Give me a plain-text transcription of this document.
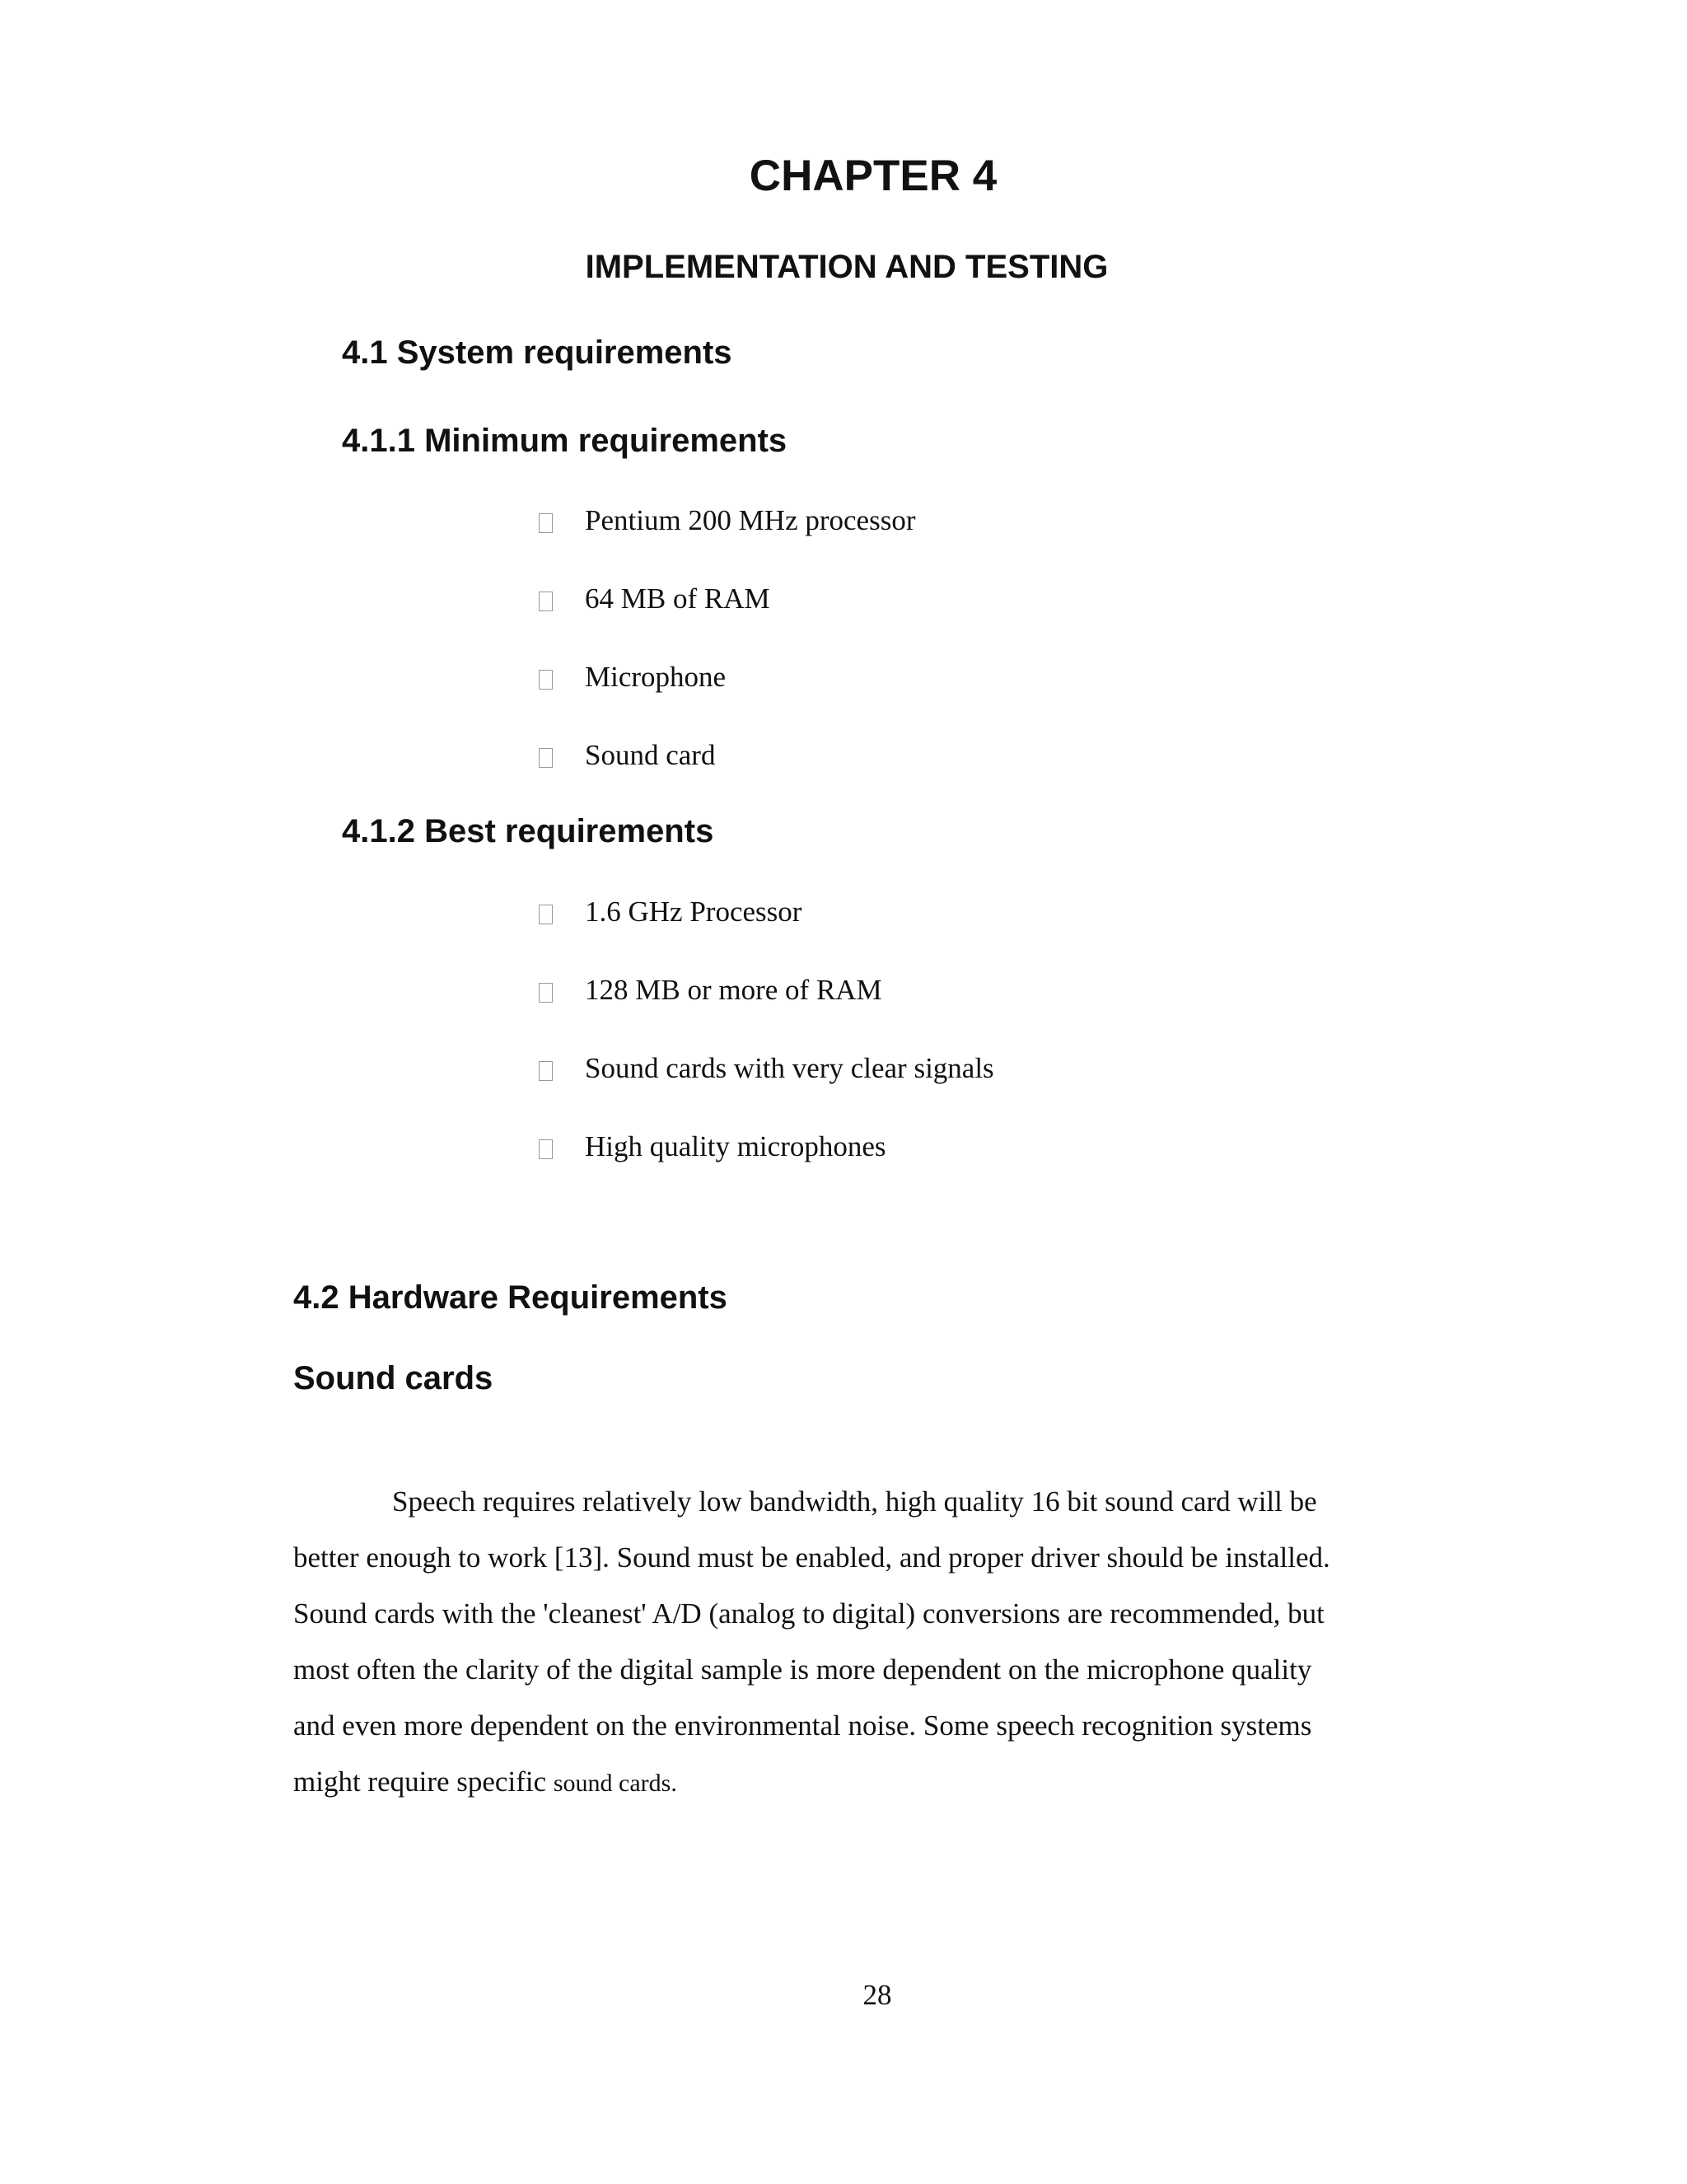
CHAPTER 4
IMPLEMENTATION AND TESTING
4.1 System requirements
4.1.1 Minimum requirements
Pentium 200 MHz processor
64 MB of RAM
Microphone
Sound card
4.1.2 Best requirements
1.6 GHz Processor
128 MB or more of RAM
Sound cards with very clear signals
High quality microphones
4.2 Hardware Requirements
Sound cards
Speech requires relatively low bandwidth, high quality 16 bit sound card will be
better enough to work [13]. Sound must be enabled, and proper driver should be installed.
Sound cards with the 'cleanest' A/D (analog to digital) conversions are recommended, but
most often the clarity of the digital sample is more dependent on the microphone quality
and even more dependent on the environmental noise. Some speech recognition systems
might require specific sound cards.
28
